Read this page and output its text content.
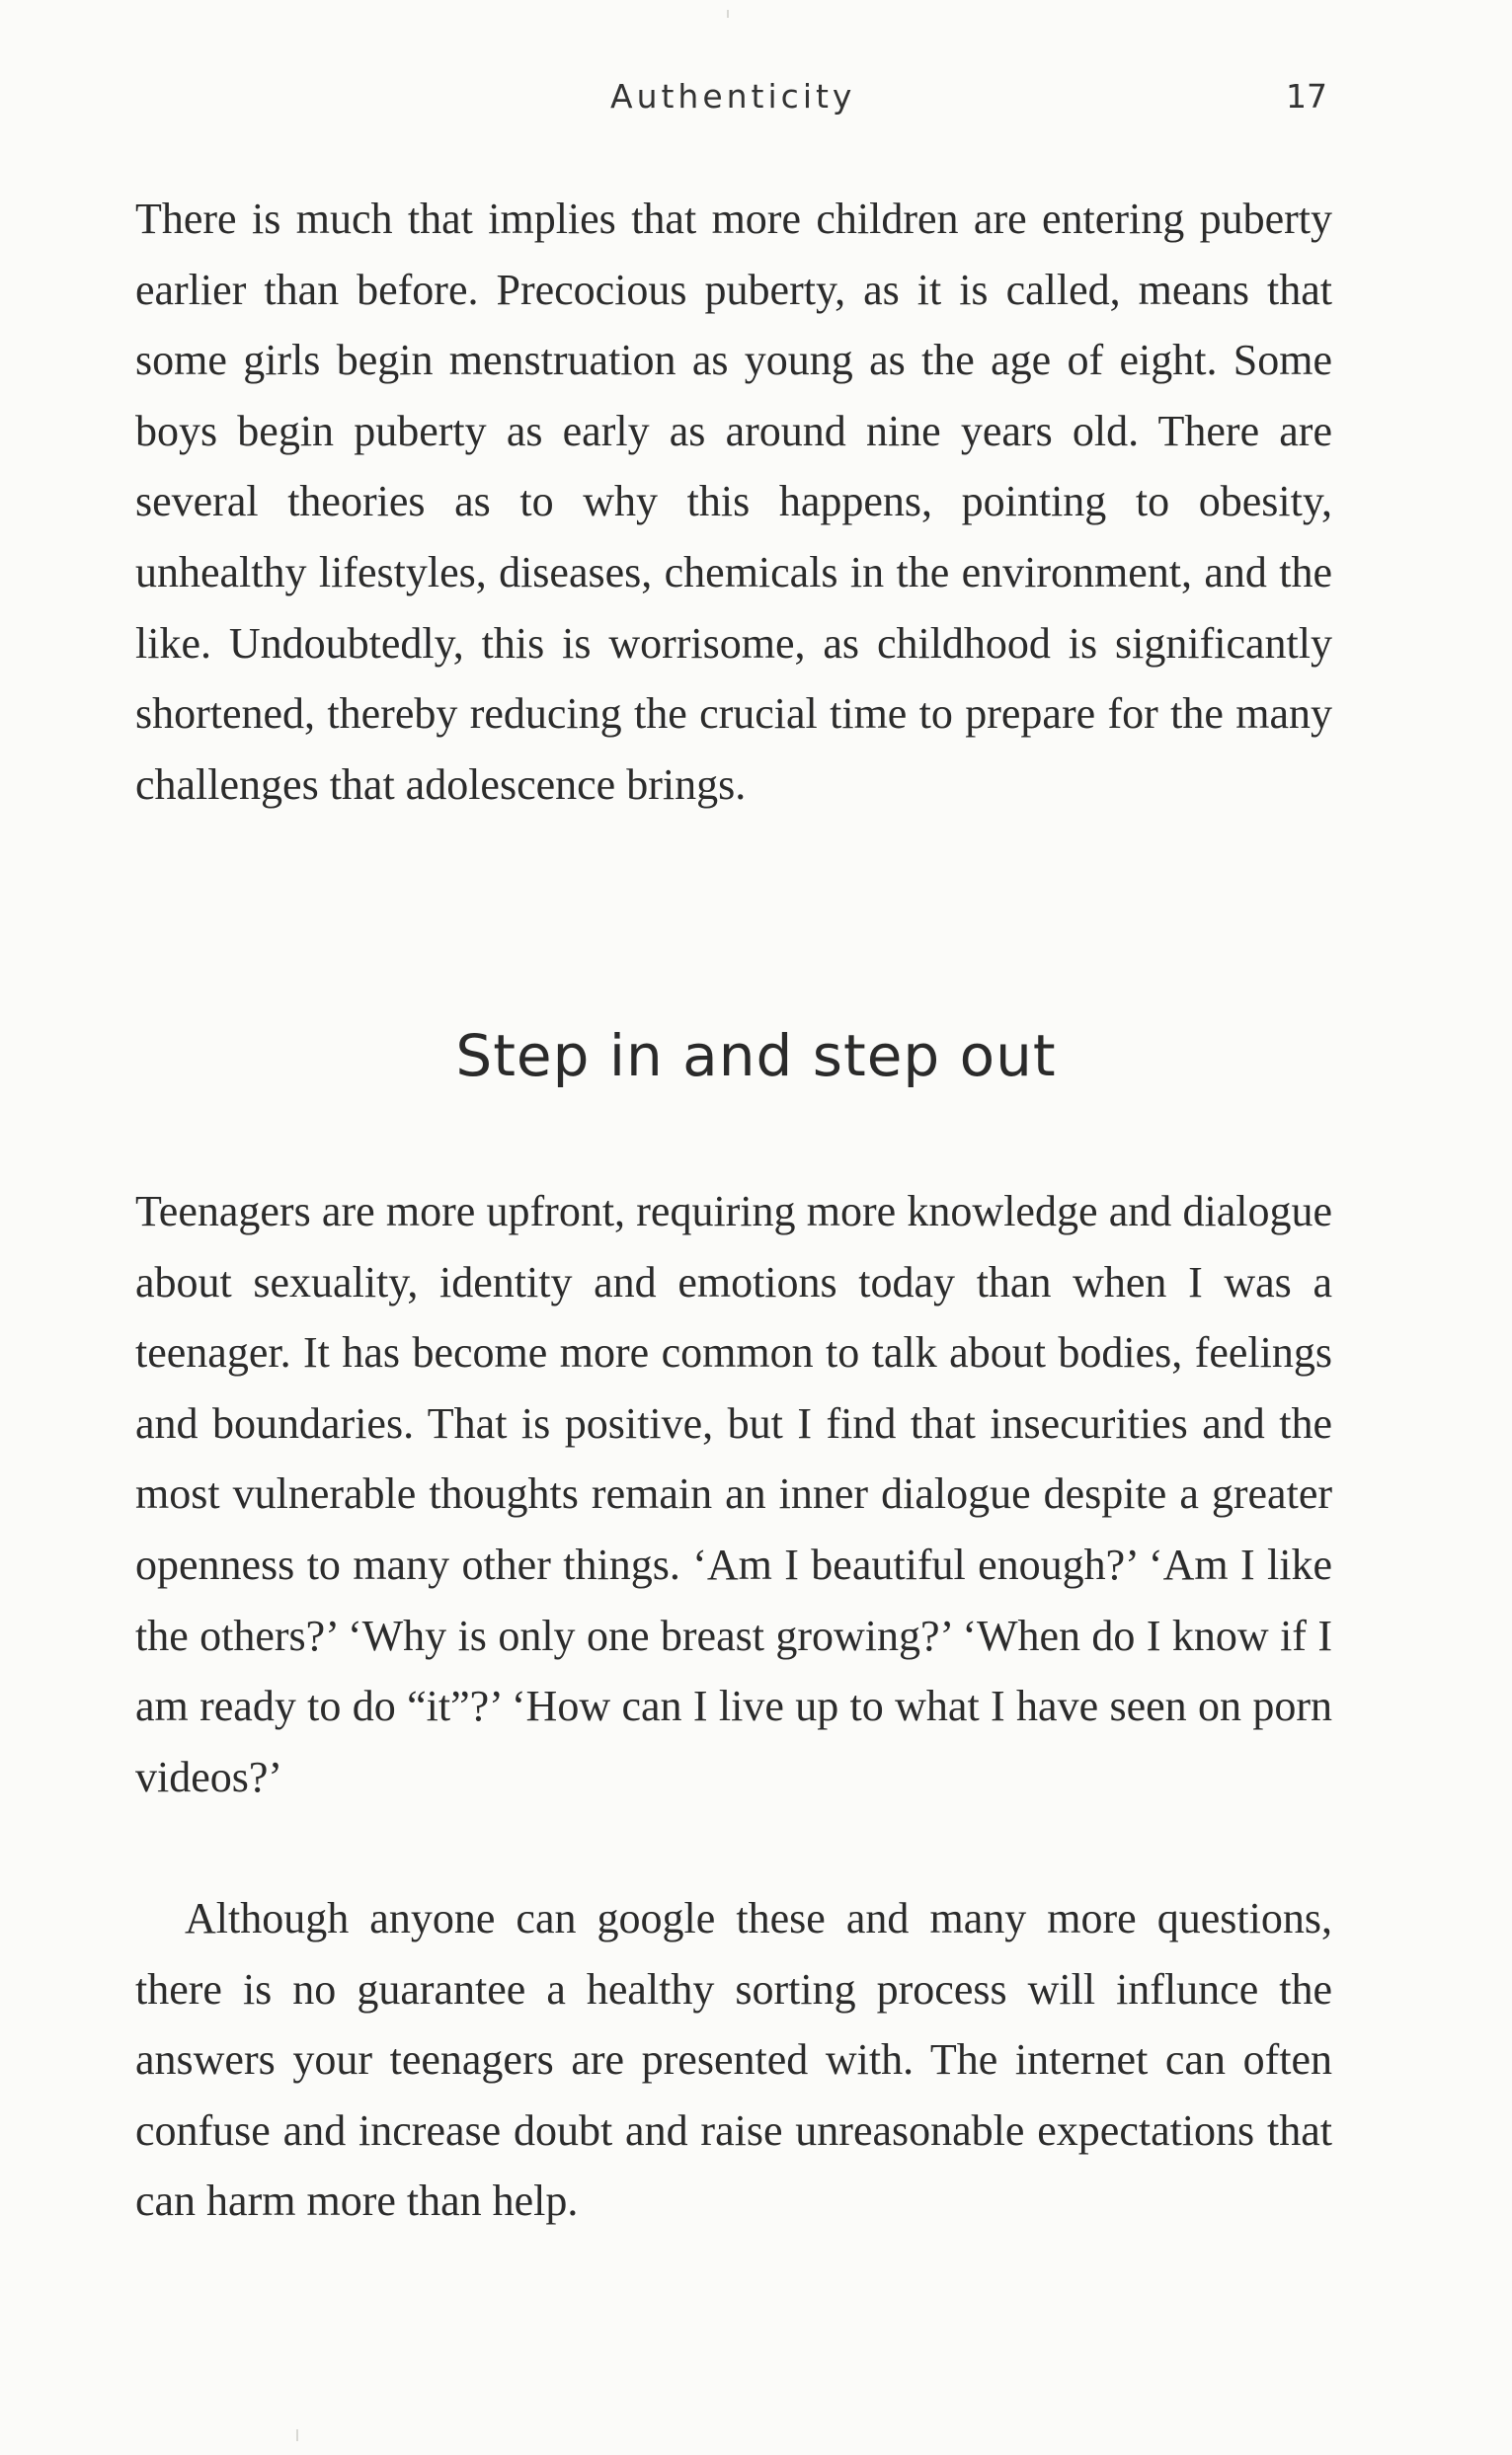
Authenticity	17

There is much that implies that more children are entering puberty earlier than before. Precocious puberty, as it is called, means that some girls begin menstruation as young as the age of eight. Some boys begin puberty as early as around nine years old. There are several theories as to why this happens, pointing to obesity, unhealthy lifestyles, diseases, chemicals in the environment, and the like. Undoubtedly, this is worrisome, as childhood is significantly shortened, thereby reducing the crucial time to prepare for the many challenges that adolescence brings.

Step in and step out

Teenagers are more upfront, requiring more knowledge and dialogue about sexuality, identity and emotions today than when I was a teenager. It has become more common to talk about bodies, feelings and boundaries. That is positive, but I find that insecurities and the most vulnerable thoughts remain an inner dialogue despite a greater openness to many other things. ‘Am I beautiful enough?’ ‘Am I like the others?’ ‘Why is only one breast growing?’ ‘When do I know if I am ready to do “it”?’ ‘How can I live up to what I have seen on porn videos?’

Although anyone can google these and many more questions, there is no guarantee a healthy sorting process will influnce the answers your teenagers are presented with. The internet can often confuse and increase doubt and raise unreasonable expectations that can harm more than help.
